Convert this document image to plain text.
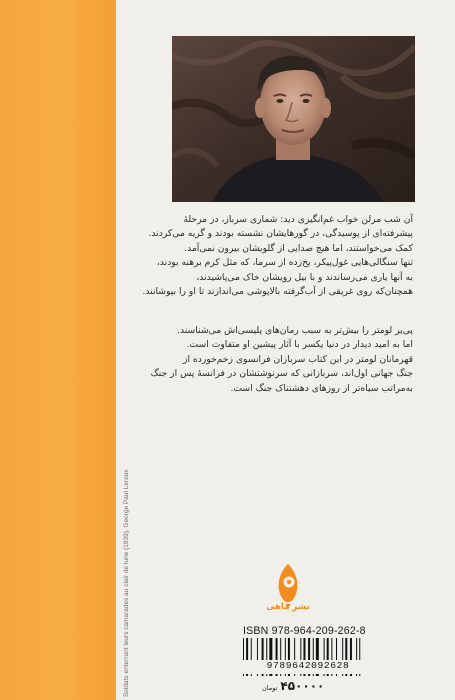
Soldats enterrant leurs camarades au clair de lune (1939), George Paul Leroux

آن شب مرلن خواب غم‌انگیزی دید: شماری سرباز، در مرحلهٔ

پیشرفته‌ای از پوسیدگی، در گورهایشان نشسته بودند و گریه می‌کردند.

کمک می‌خواستند، اما هیچ صدایی از گلویشان بیرون نمی‌آمد.

تنها سنگالی‌هایی غول‌پیکر، یخ‌زده از سرما، که مثل کرم برهنه بودند،

به آنها یاری می‌رساندند و با بیل رویشان خاک می‌پاشیدند،

همچنان‌که روی غریقی از آب‌گرفته بالاپوشی می‌اندازند تا او را بپوشانند.

پی‌یر لومتر را بیش‌تر به سبب رمان‌های پلیسی‌اش می‌شناسند.

اما به امید دیدار در دنیا یکسر با آثار پیشین او متفاوت است.

قهرمانان لومتر در این کتاب سربازان فرانسوی زخم‌خورده از

جنگ جهانی اول‌اند، سربازانی که سرنوشتشان در فرانسهٔ پس از جنگ

به‌مراتب سیاه‌تر از روزهای دهشتناک جنگ است.

نشر ماهی
ISBN 978-964-209-262-8
9789642092628
۴۵۰۰۰۰تومان
